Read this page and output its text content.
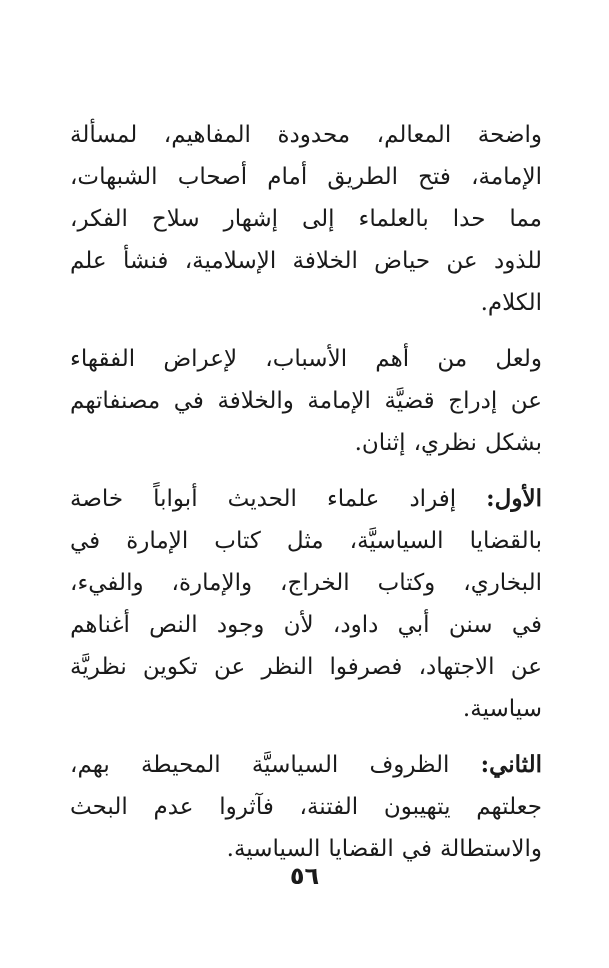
واضحة
المعالم،
محدودة
المفاهيم،
لمسألة
الإمامة،
فتح
الطريق
أمام
أصحاب
الشبهات،
مما
حدا
بالعلماء
إلى
إشهار
سلاح
الفكر،
للذود
عن
حياض
الخلافة
الإسلامية،
فنشأ
علم
الكلام.
ولعل
من
أهم
الأسباب،
لإعراض
الفقهاء
عن
إدراج
قضيَّة
الإمامة
والخلافة
في
مصنفاتهم
بشكل
نظري،
إثنان.
الأول:
إفراد
علماء
الحديث
أبواباً
خاصة
بالقضايا
السياسيَّة،
مثل
كتاب
الإمارة
في
البخاري،
وكتاب
الخراج،
والإمارة،
والفيء،
في
سنن
أبي
داود،
لأن
وجود
النص
أغناهم
عن
الاجتهاد،
فصرفوا
النظر
عن
تكوين
نظريَّة
سياسية.
الثاني:
الظروف
السياسيَّة
المحيطة
بهم،
جعلتهم
يتهيبون
الفتنة،
فآثروا
عدم
البحث
والاستطالة
في
القضايا
السياسية.
٥٦
